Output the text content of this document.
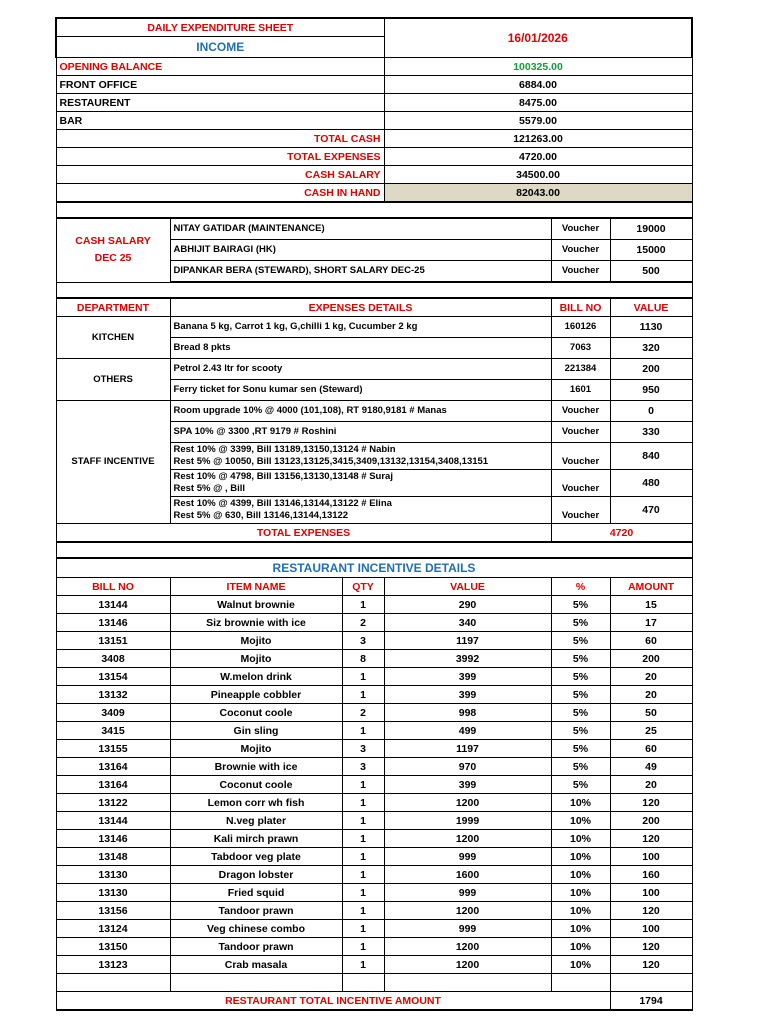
DAILY EXPENDITURE SHEET			16/01/2026		
INCOME					
OPENING BALANCE			100325.00		
FRONT OFFICE			6884.00		
RESTAURENT			8475.00		
BAR			5579.00		
TOTAL CASH			121263.00		
TOTAL EXPENSES			4720.00		
CASH SALARY			34500.00		
CASH IN HAND			82043.00		

CASH SALARY
DEC 25	NITAY GATIDAR (MAINTENANCE)			Voucher	19000
	ABHIJIT BAIRAGI (HK)			Voucher	15000
	DIPANKAR BERA (STEWARD), SHORT SALARY DEC-25			Voucher	500

DEPARTMENT	EXPENSES DETAILS			BILL NO	VALUE
KITCHEN	Banana 5 kg, Carrot 1 kg, G,chilli 1 kg, Cucumber 2 kg			160126	1130
	Bread 8 pkts			7063	320
OTHERS	Petrol 2.43 ltr for scooty			221384	200
	Ferry ticket for Sonu kumar sen (Steward)			1601	950
STAFF INCENTIVE	Room upgrade 10% @ 4000 (101,108), RT 9180,9181 # Manas			Voucher	0
	SPA 10% @ 3300 ,RT 9179 # Roshini			Voucher	330

	Rest 10% @ 3399, Bill 13189,13150,13124 # Nabin
Rest 5% @ 10050, Bill 13123,13125,3415,3409,13132,13154,3408,13151			Voucher	840

	Rest 10% @ 4798, Bill 13156,13130,13148 # Suraj
Rest 5% @ , Bill			Voucher	480

	Rest 10% @ 4399, Bill 13146,13144,13122 # Elina
Rest 5% @ 630, Bill 13146,13144,13122			Voucher	470
TOTAL EXPENSES				4720	

RESTAURANT INCENTIVE DETAILS					
BILL NO	ITEM NAME	QTY	VALUE	%	AMOUNT
13144	Walnut brownie	1	290	5%	15
13146	Siz brownie with ice	2	340	5%	17
13151	Mojito	3	1197	5%	60
3408	Mojito	8	3992	5%	200
13154	W.melon drink	1	399	5%	20
13132	Pineapple cobbler	1	399	5%	20
3409	Coconut coole	2	998	5%	50
3415	Gin sling	1	499	5%	25
13155	Mojito	3	1197	5%	60
13164	Brownie with ice	3	970	5%	49
13164	Coconut coole	1	399	5%	20
13122	Lemon corr wh fish	1	1200	10%	120
13144	N.veg plater	1	1999	10%	200
13146	Kali mirch prawn	1	1200	10%	120
13148	Tabdoor veg plate	1	999	10%	100
13130	Dragon lobster	1	1600	10%	160
13130	Fried squid	1	999	10%	100
13156	Tandoor prawn	1	1200	10%	120
13124	Veg chinese combo	1	999	10%	100
13150	Tandoor prawn	1	1200	10%	120
13123	Crab masala	1	1200	10%	120

RESTAURANT TOTAL INCENTIVE AMOUNT					1794
